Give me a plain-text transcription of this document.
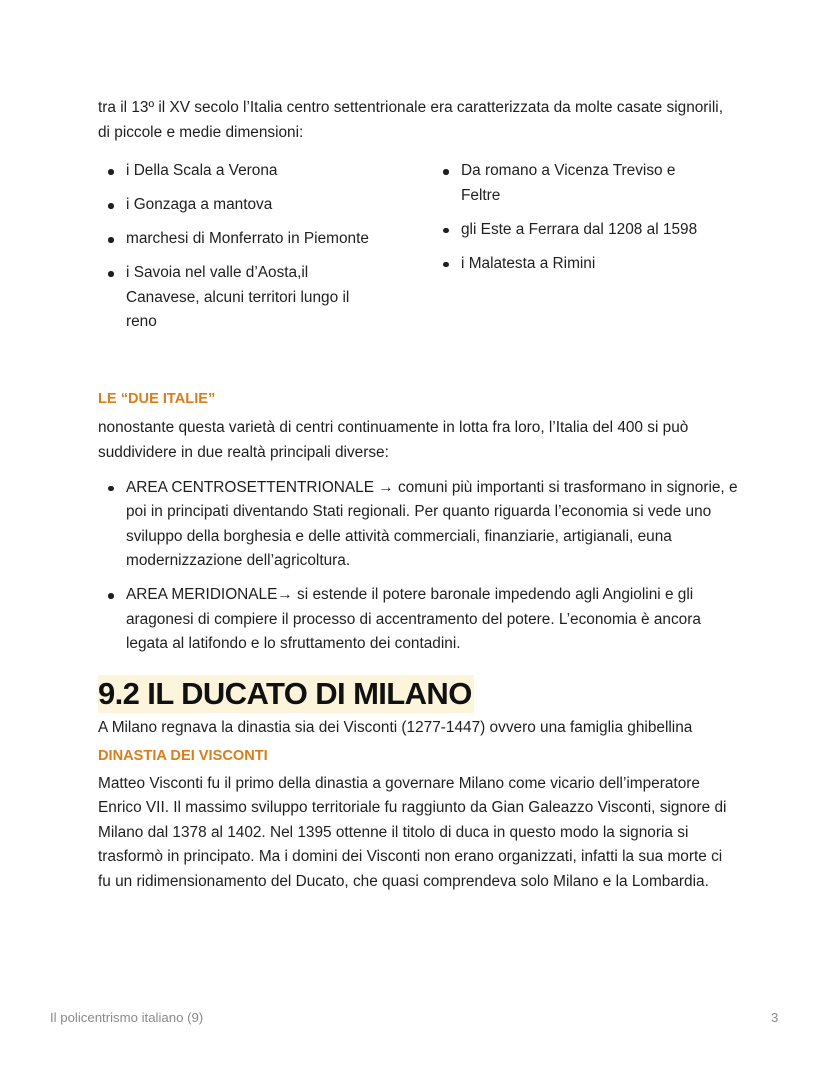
tra il 13º il XV secolo l’Italia centro settentrionale era caratterizzata da molte casate signorili, di piccole e medie dimensioni:

i Della Scala a Verona
i Gonzaga a mantova
marchesi di Monferrato in Piemonte
i Savoia nel valle d’Aosta,il Canavese, alcuni territori lungo il reno
Da romano a Vicenza Treviso e Feltre
gli Este a Ferrara dal 1208 al 1598
i Malatesta a Rimini

LE “DUE ITALIE”

nonostante questa varietà di centri continuamente in lotta fra loro, l’Italia del 400 si può suddividere in due realtà principali diverse:

AREA CENTROSETTENTRIONALE → comuni più importanti si trasformano in signorie, e poi in principati diventando Stati regionali. Per quanto riguarda l’economia si vede uno sviluppo della borghesia e delle attività commerciali, finanziarie, artigianali, euna modernizzazione dell’agricoltura.
AREA MERIDIONALE→ si estende il potere baronale impedendo agli Angiolini e gli aragonesi di compiere il processo di accentramento del potere. L’economia è ancora legata al latifondo e lo sfruttamento dei contadini.
9.2 IL DUCATO DI MILANO

A Milano regnava la dinastia sia dei Visconti (1277-1447) ovvero una famiglia ghibellina

DINASTIA DEI VISCONTI

Matteo Visconti fu il primo della dinastia a governare Milano come vicario dell’imperatore Enrico VII. Il massimo sviluppo territoriale fu raggiunto da Gian Galeazzo Visconti, signore di Milano dal 1378 al 1402. Nel 1395 ottenne il titolo di duca in questo modo la signoria si trasformò in principato. Ma i domini dei Visconti non erano organizzati, infatti la sua morte ci fu un ridimensionamento del Ducato, che quasi comprendeva solo Milano e la Lombardia.

Il policentrismo italiano (9)	3
